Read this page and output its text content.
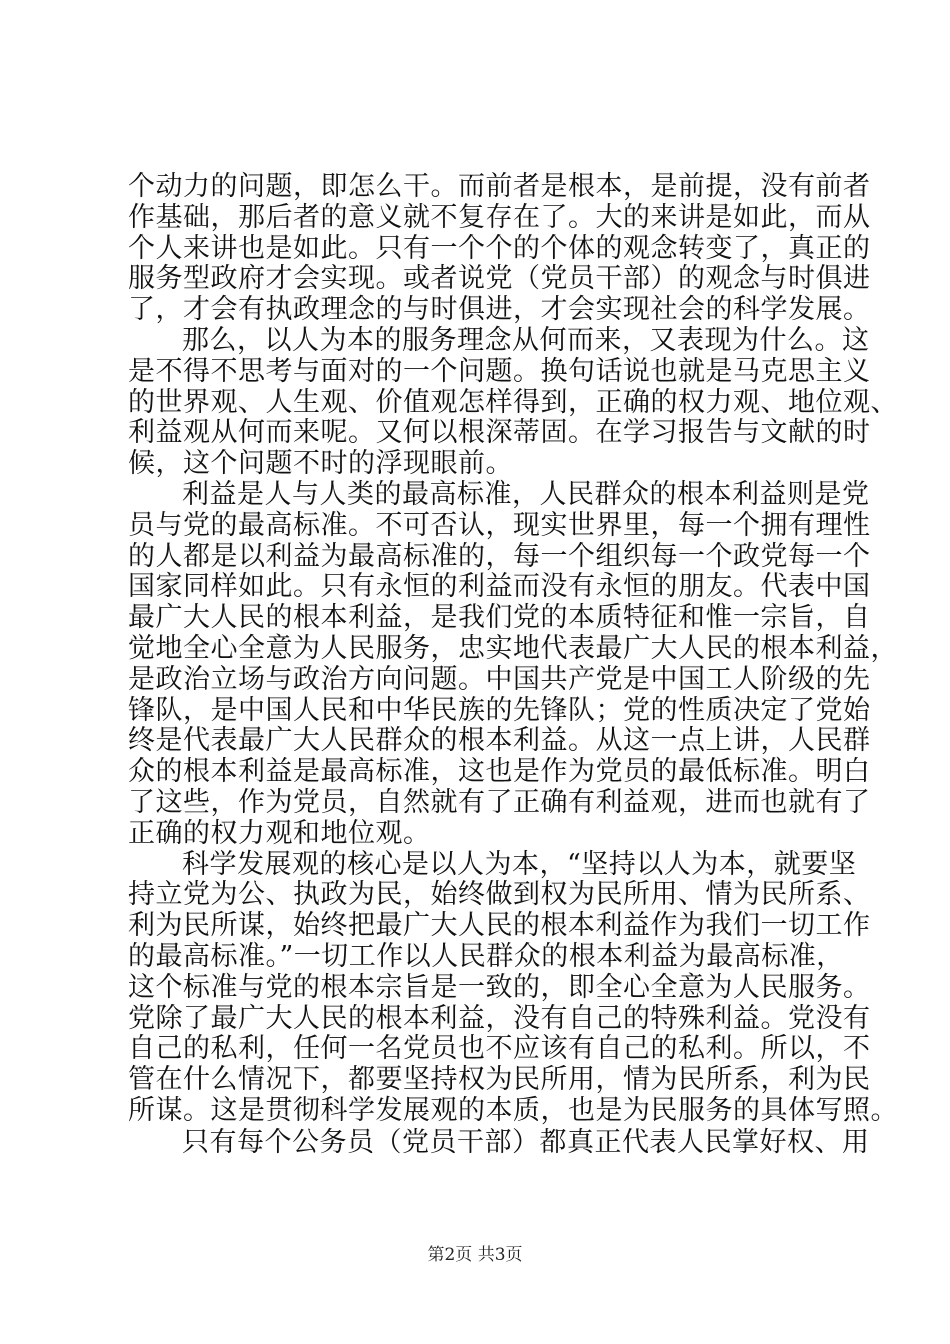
个动力的问题，即怎么干。而前者是根本，是前提，没有前者

作基础，那后者的意义就不复存在了。大的来讲是如此，而从

个人来讲也是如此。只有一个个的个体的观念转变了，真正的

服务型政府才会实现。或者说党（党员干部）的观念与时俱进

了，才会有执政理念的与时俱进，才会实现社会的科学发展。

那么，以人为本的服务理念从何而来，又表现为什么。这

是不得不思考与面对的一个问题。换句话说也就是马克思主义

的世界观、人生观、价值观怎样得到，正确的权力观、地位观、

利益观从何而来呢。又何以根深蒂固。在学习报告与文献的时

候，这个问题不时的浮现眼前。

利益是人与人类的最高标准，人民群众的根本利益则是党

员与党的最高标准。不可否认，现实世界里，每一个拥有理性

的人都是以利益为最高标准的，每一个组织每一个政党每一个

国家同样如此。只有永恒的利益而没有永恒的朋友。代表中国

最广大人民的根本利益，是我们党的本质特征和惟一宗旨，自

觉地全心全意为人民服务，忠实地代表最广大人民的根本利益，

是政治立场与政治方向问题。中国共产党是中国工人阶级的先

锋队，是中国人民和中华民族的先锋队；党的性质决定了党始

终是代表最广大人民群众的根本利益。从这一点上讲，人民群

众的根本利益是最高标准，这也是作为党员的最低标准。明白

了这些，作为党员，自然就有了正确有利益观，进而也就有了

正确的权力观和地位观。

科学发展观的核心是以人为本，“坚持以人为本，就要坚

持立党为公、执政为民，始终做到权为民所用、情为民所系、

利为民所谋，始终把最广大人民的根本利益作为我们一切工作

的最高标准。”一切工作以人民群众的根本利益为最高标准，

这个标准与党的根本宗旨是一致的，即全心全意为人民服务。

党除了最广大人民的根本利益，没有自己的特殊利益。党没有

自己的私利，任何一名党员也不应该有自己的私利。所以，不

管在什么情况下，都要坚持权为民所用，情为民所系，利为民

所谋。这是贯彻科学发展观的本质，也是为民服务的具体写照。

只有每个公务员（党员干部）都真正代表人民掌好权、用

第2页 共3页
